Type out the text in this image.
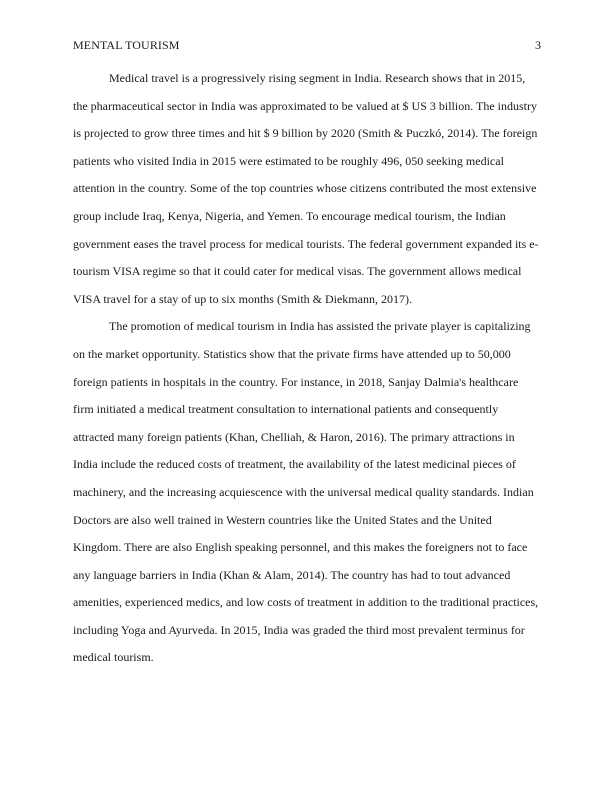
MENTAL TOURISM	3
Medical travel is a progressively rising segment in India. Research shows that in 2015,
the pharmaceutical sector in India was approximated to be valued at $ US 3 billion. The industry
is projected to grow three times and hit $ 9 billion by 2020 (Smith & Puczkó, 2014). The foreign
patients who visited India in 2015 were estimated to be roughly 496, 050 seeking medical
attention in the country. Some of the top countries whose citizens contributed the most extensive
group include Iraq, Kenya, Nigeria, and Yemen. To encourage medical tourism, the Indian
government eases the travel process for medical tourists. The federal government expanded its e-
tourism VISA regime so that it could cater for medical visas. The government allows medical
VISA travel for a stay of up to six months (Smith & Diekmann, 2017).
The promotion of medical tourism in India has assisted the private player is capitalizing
on the market opportunity. Statistics show that the private firms have attended up to 50,000
foreign patients in hospitals in the country. For instance, in 2018, Sanjay Dalmia's healthcare
firm initiated a medical treatment consultation to international patients and consequently
attracted many foreign patients (Khan, Chelliah, & Haron, 2016). The primary attractions in
India include the reduced costs of treatment, the availability of the latest medicinal pieces of
machinery, and the increasing acquiescence with the universal medical quality standards. Indian
Doctors are also well trained in Western countries like the United States and the United
Kingdom. There are also English speaking personnel, and this makes the foreigners not to face
any language barriers in India (Khan & Alam, 2014). The country has had to tout advanced
amenities, experienced medics, and low costs of treatment in addition to the traditional practices,
including Yoga and Ayurveda. In 2015, India was graded the third most prevalent terminus for
medical tourism.
